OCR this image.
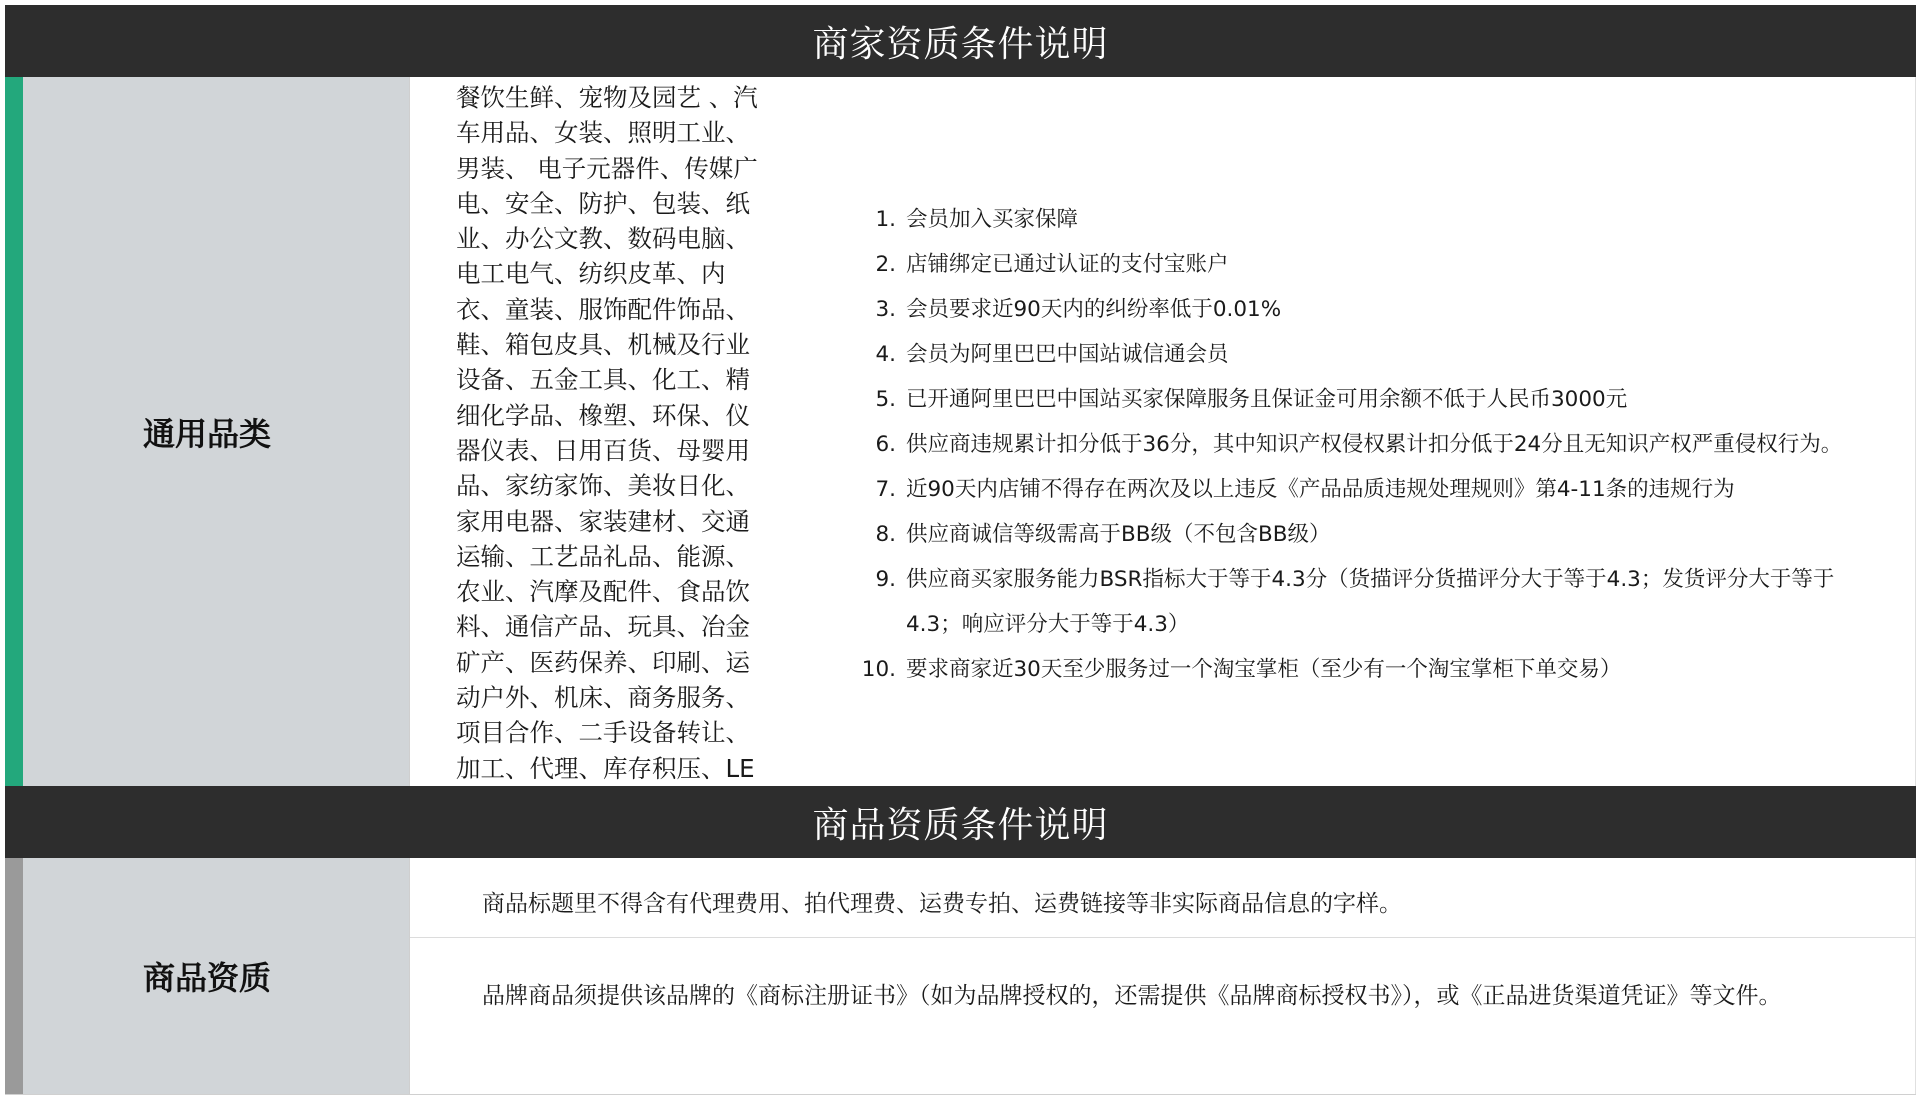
商家资质条件说明
通用品类
餐饮生鲜、宠物及园艺 、汽车用品、女装、照明工业、男装、 电子元器件、传媒广电、安全、防护、包装、纸业、办公文教、数码电脑、电工电气、纺织皮革、内衣、童装、服饰配件饰品、鞋、箱包皮具、机械及行业设备、五金工具、化工、精细化学品、橡塑、环保、仪器仪表、日用百货、母婴用品、家纺家饰、美妆日化、家用电器、家装建材、交通运输、工艺品礼品、能源、农业、汽摩及配件、食品饮料、通信产品、玩具、冶金矿产、医药保养、印刷、运动户外、机床、商务服务、项目合作、二手设备转让、加工、代理、库存积压、LE
1. 会员加入买家保障
2. 店铺绑定已通过认证的支付宝账户
3. 会员要求近90天内的纠纷率低于0.01%
4. 会员为阿里巴巴中国站诚信通会员
5. 已开通阿里巴巴中国站买家保障服务且保证金可用余额不低于人民币3000元
6. 供应商违规累计扣分低于36分，其中知识产权侵权累计扣分低于24分且无知识产权严重侵权行为。
7. 近90天内店铺不得存在两次及以上违反《产品品质违规处理规则》第4-11条的违规行为
8. 供应商诚信等级需高于BB级（不包含BB级）
9. 供应商买家服务能力BSR指标大于等于4.3分（货描评分货描评分大于等于4.3；发货评分大于等于4.3；响应评分大于等于4.3）
10. 要求商家近30天至少服务过一个淘宝掌柜（至少有一个淘宝掌柜下单交易）
商品资质条件说明
商品资质
商品标题里不得含有代理费用、拍代理费、运费专拍、运费链接等非实际商品信息的字样。
品牌商品须提供该品牌的《商标注册证书》（如为品牌授权的，还需提供《品牌商标授权书》），或《正品进货渠道凭证》等文件。
